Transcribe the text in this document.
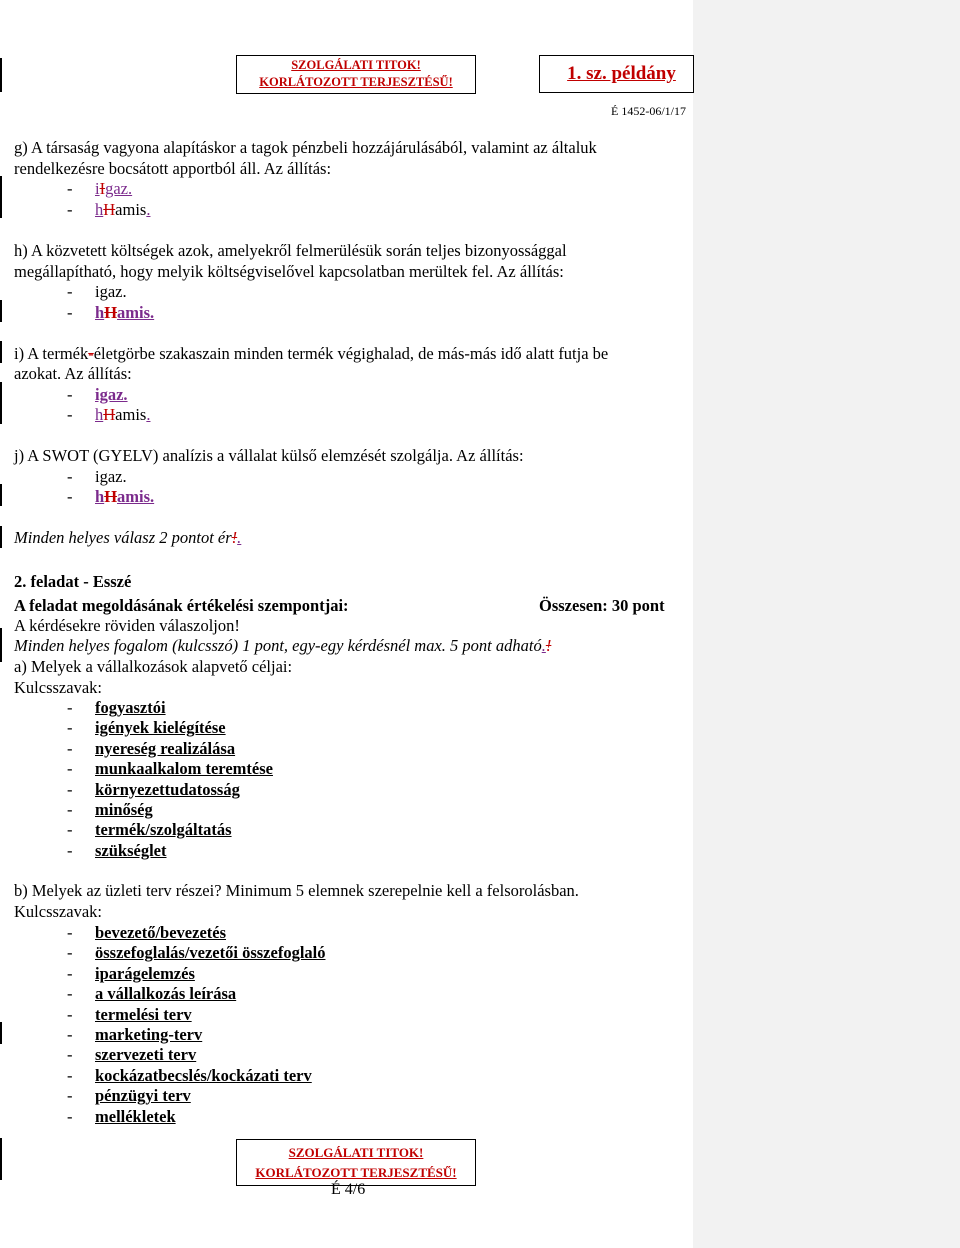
SZOLGÁLATI TITOK!
KORLÁTOZOTT TERJESZTÉSŰ!	1. sz. példány
É 1452-06/1/17
g) A társaság vagyona alapításkor a tagok pénzbeli hozzájárulásából, valamint az általuk
rendelkezésre bocsátott apportból áll. Az állítás:
- iIgaz.
- hHamis.
h) A közvetett költségek azok, amelyekről felmerülésük során teljes bizonyossággal
megállapítható, hogy melyik költségviselővel kapcsolatban merültek fel. Az állítás:
- igaz.
- hHamis.
i) A termék-életgörbe szakaszain minden termék végighalad, de más-más idő alatt futja be
azokat. Az állítás:
- igaz.
- hHamis.
j) A SWOT (GYELV) analízis a vállalat külső elemzését szolgálja. Az állítás:
- igaz.
- hHamis.
Minden helyes válasz 2 pontot ér!.
2. feladat - Esszé
A feladat megoldásának értékelési szempontjai:	Összesen: 30 pont
A kérdésekre röviden válaszoljon!
Minden helyes fogalom (kulcsszó) 1 pont, egy-egy kérdésnél max. 5 pont adható.!
a) Melyek a vállalkozások alapvető céljai:
Kulcsszavak:
- fogyasztói
- igények kielégítése
- nyereség realizálása
- munkaalkalom teremtése
- környezettudatosság
- minőség
- termék/szolgáltatás
- szükséglet
b) Melyek az üzleti terv részei? Minimum 5 elemnek szerepelnie kell a felsorolásban.
Kulcsszavak:
- bevezető/bevezetés
- összefoglalás/vezetői összefoglaló
- iparágelemzés
- a vállalkozás leírása
- termelési terv
- marketing-terv
- szervezeti terv
- kockázatbecslés/kockázati terv
- pénzügyi terv
- mellékletek
SZOLGÁLATI TITOK!
KORLÁTOZOTT TERJESZTÉSŰ!
É 4/6
